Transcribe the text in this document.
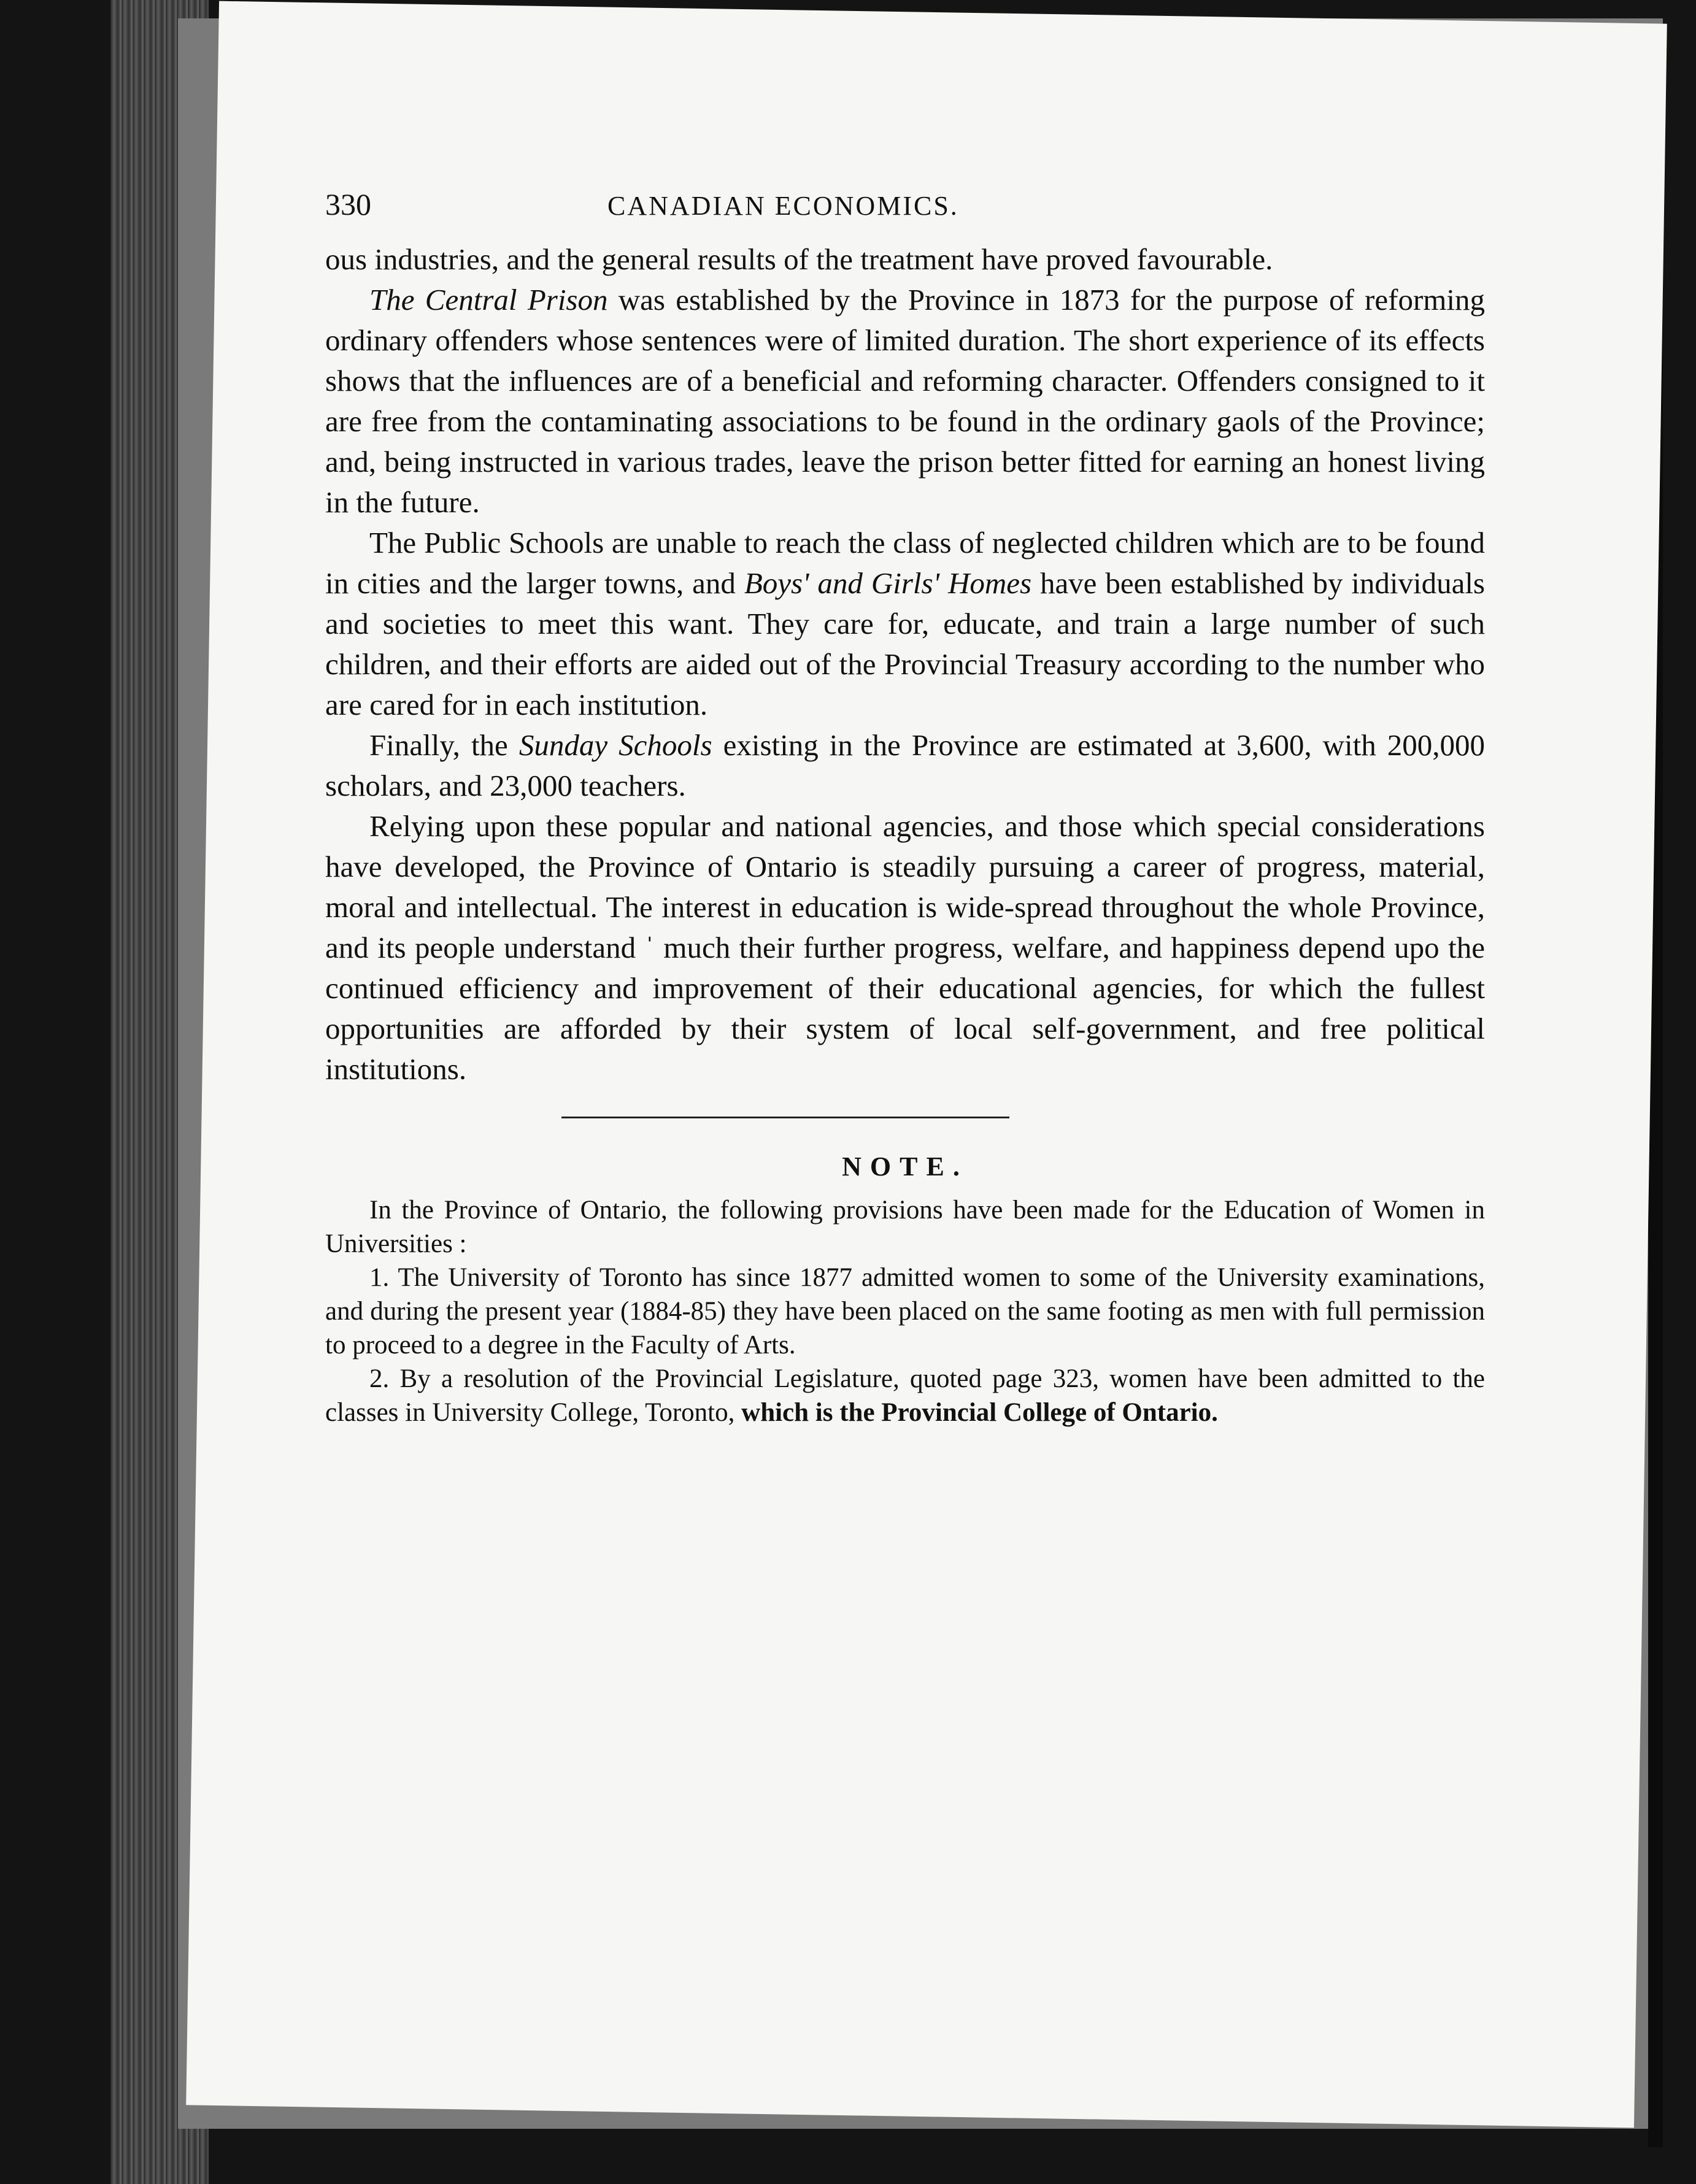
330	CANADIAN ECONOMICS.

ous industries, and the general results of the treatment have proved favourable.

The Central Prison was established by the Province in 1873 for the purpose of reforming ordinary offenders whose sentences were of limited duration. The short experience of its effects shows that the influences are of a beneficial and reforming character. Offenders consigned to it are free from the contaminating associations to be found in the ordinary gaols of the Province; and, being instructed in various trades, leave the prison better fitted for earning an honest living in the future.

The Public Schools are unable to reach the class of neglected children which are to be found in cities and the larger towns, and Boys' and Girls' Homes have been established by individuals and societies to meet this want. They care for, educate, and train a large number of such children, and their efforts are aided out of the Provincial Treasury according to the number who are cared for in each institution.

Finally, the Sunday Schools existing in the Province are estimated at 3,600, with 200,000 scholars, and 23,000 teachers.

Relying upon these popular and national agencies, and those which special considerations have developed, the Province of Ontario is steadily pursuing a career of progress, material, moral and intellectual. The interest in education is wide-spread throughout the whole Province, and its people understand ˈ much their further progress, welfare, and happiness depend upo the continued efficiency and improvement of their educational agencies, for which the fullest opportunities are afforded by their system of local self-government, and free political institutions.

NOTE.

In the Province of Ontario, the following provisions have been made for the Education of Women in Universities :

1. The University of Toronto has since 1877 admitted women to some of the University examinations, and during the present year (1884-85) they have been placed on the same footing as men with full permission to proceed to a degree in the Faculty of Arts.

2. By a resolution of the Provincial Legislature, quoted page 323, women have been admitted to the classes in University College, Toronto, which is the Provincial College of Ontario.
